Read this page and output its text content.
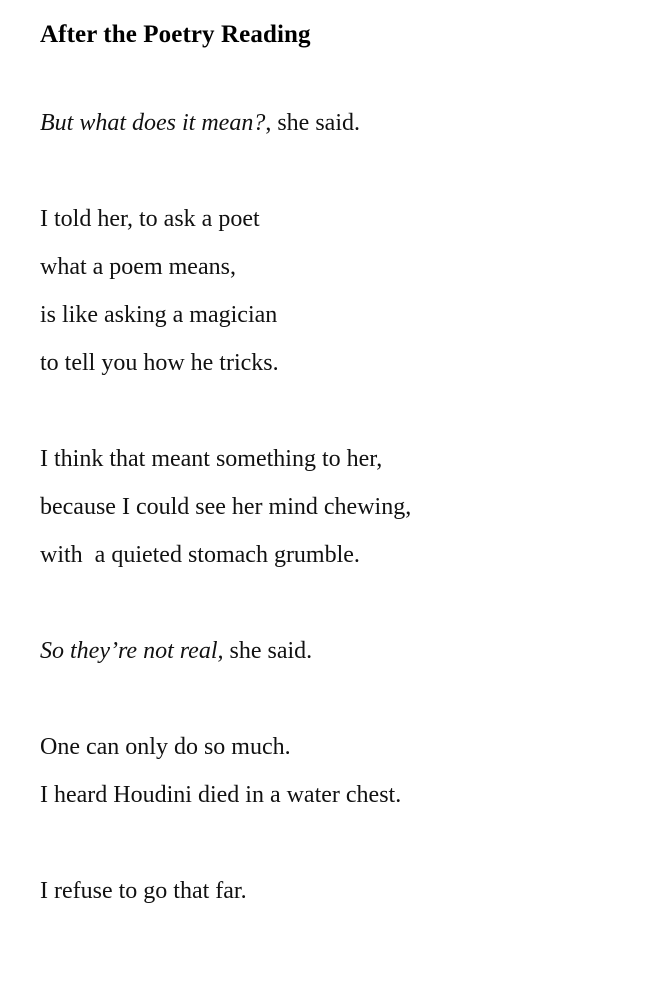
After the Poetry Reading
But what does it mean?, she said.
I told her, to ask a poet
what a poem means,
is like asking a magician
to tell you how he tricks.
I think that meant something to her,
because I could see her mind chewing,
with  a quieted stomach grumble.
So they’re not real, she said.
One can only do so much.
I heard Houdini died in a water chest.
I refuse to go that far.
